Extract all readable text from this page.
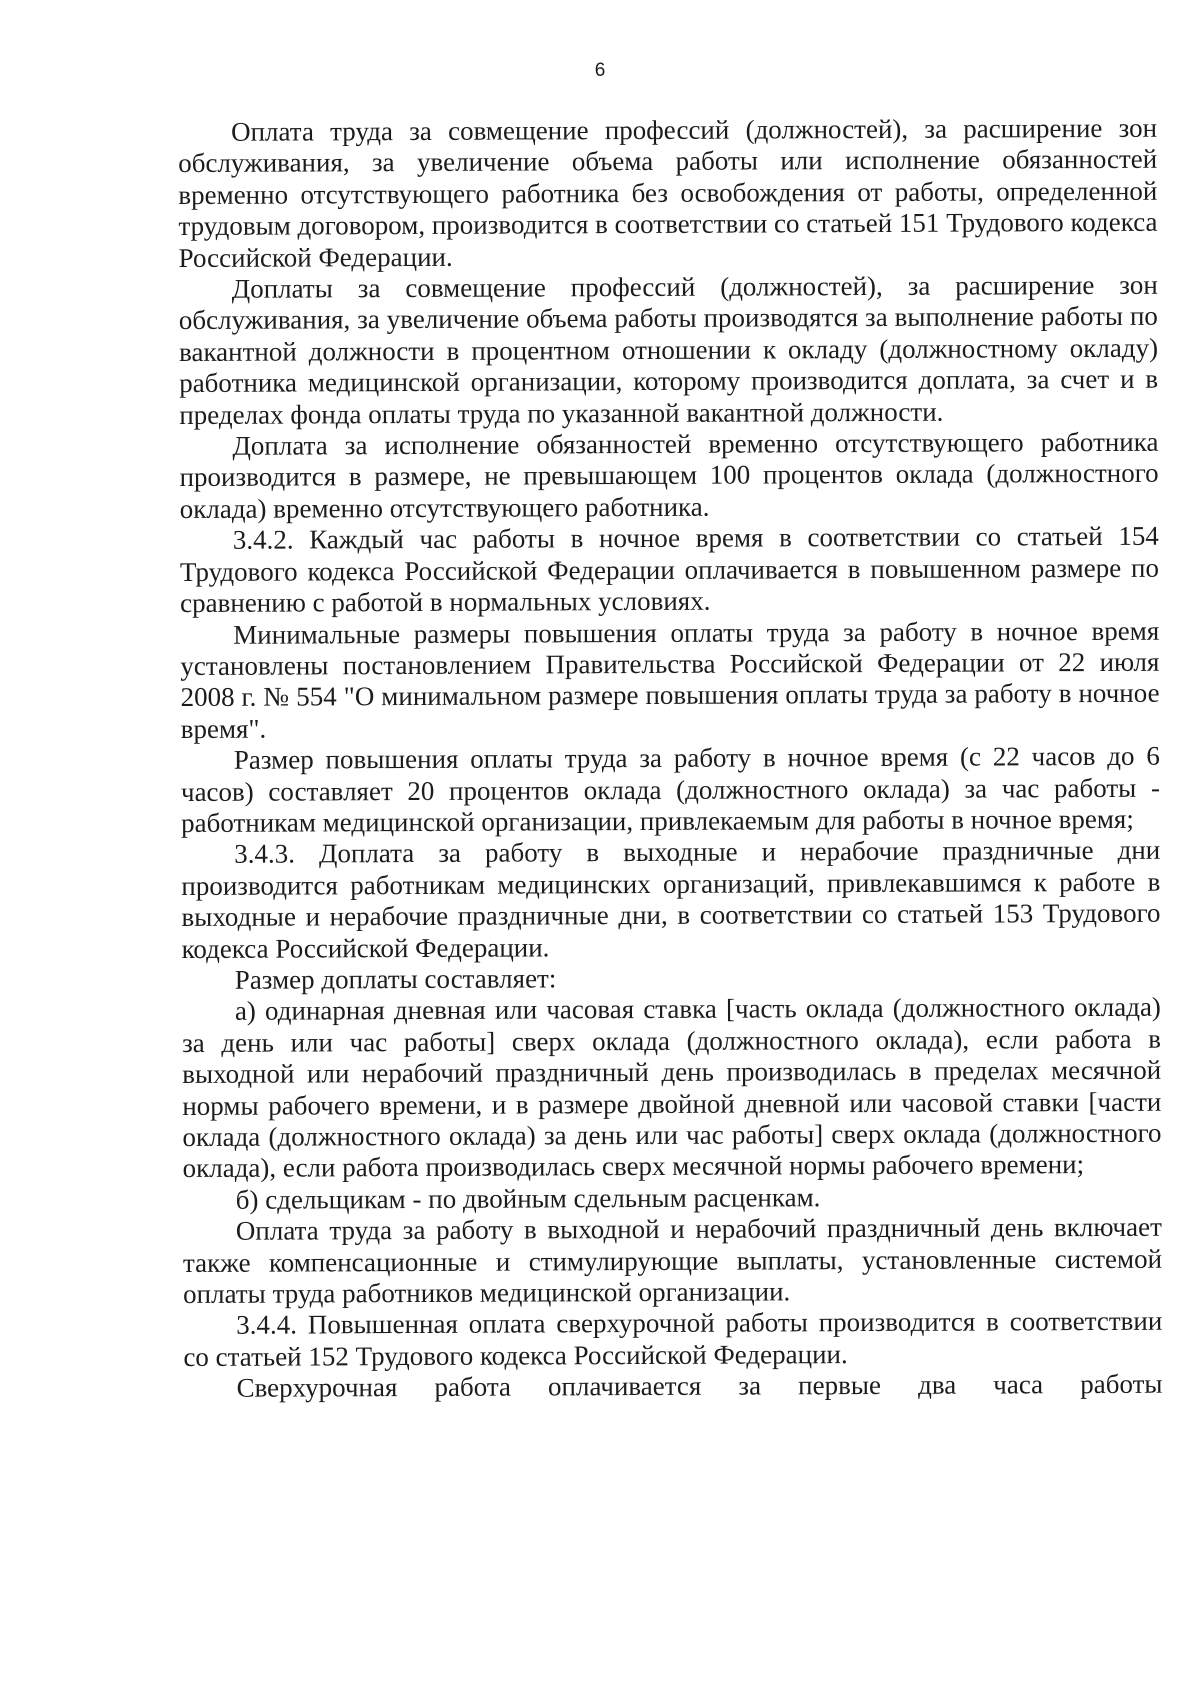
6

Оплата труда за совмещение профессий (должностей), за расширение зон обслуживания, за увеличение объема работы или исполнение обязанностей временно отсутствующего работника без освобождения от работы, определенной трудовым договором, производится в соответствии со статьей 151 Трудового кодекса Российской Федерации.

Доплаты за совмещение профессий (должностей), за расширение зон обслуживания, за увеличение объема работы производятся за выполнение работы по вакантной должности в процентном отношении к окладу (должностному окладу) работника медицинской организации, которому производится доплата, за счет и в пределах фонда оплаты труда по указанной вакантной должности.

Доплата за исполнение обязанностей временно отсутствующего работника производится в размере, не превышающем 100 процентов оклада (должностного оклада) временно отсутствующего работника.

3.4.2. Каждый час работы в ночное время в соответствии со статьей 154 Трудового кодекса Российской Федерации оплачивается в повышенном размере по сравнению с работой в нормальных условиях.

Минимальные размеры повышения оплаты труда за работу в ночное время установлены постановлением Правительства Российской Федерации от 22 июля 2008 г. № 554 "О минимальном размере повышения оплаты труда за работу в ночное время".

Размер повышения оплаты труда за работу в ночное время (с 22 часов до 6 часов) составляет 20 процентов оклада (должностного оклада) за час работы - работникам медицинской организации, привлекаемым для работы в ночное время;

3.4.3. Доплата за работу в выходные и нерабочие праздничные дни производится работникам медицинских организаций, привлекавшимся к работе в выходные и нерабочие праздничные дни, в соответствии со статьей 153 Трудового кодекса Российской Федерации.

Размер доплаты составляет:

а) одинарная дневная или часовая ставка [часть оклада (должностного оклада) за день или час работы] сверх оклада (должностного оклада), если работа в выходной или нерабочий праздничный день производилась в пределах месячной нормы рабочего времени, и в размере двойной дневной или часовой ставки [части оклада (должностного оклада) за день или час работы] сверх оклада (должностного оклада), если работа производилась сверх месячной нормы рабочего времени;

б) сдельщикам - по двойным сдельным расценкам.

Оплата труда за работу в выходной и нерабочий праздничный день включает также компенсационные и стимулирующие выплаты, установленные системой оплаты труда работников медицинской организации.

3.4.4. Повышенная оплата сверхурочной работы производится в соответствии со статьей 152 Трудового кодекса Российской Федерации.

Сверхурочная работа оплачивается за первые два часа работы
